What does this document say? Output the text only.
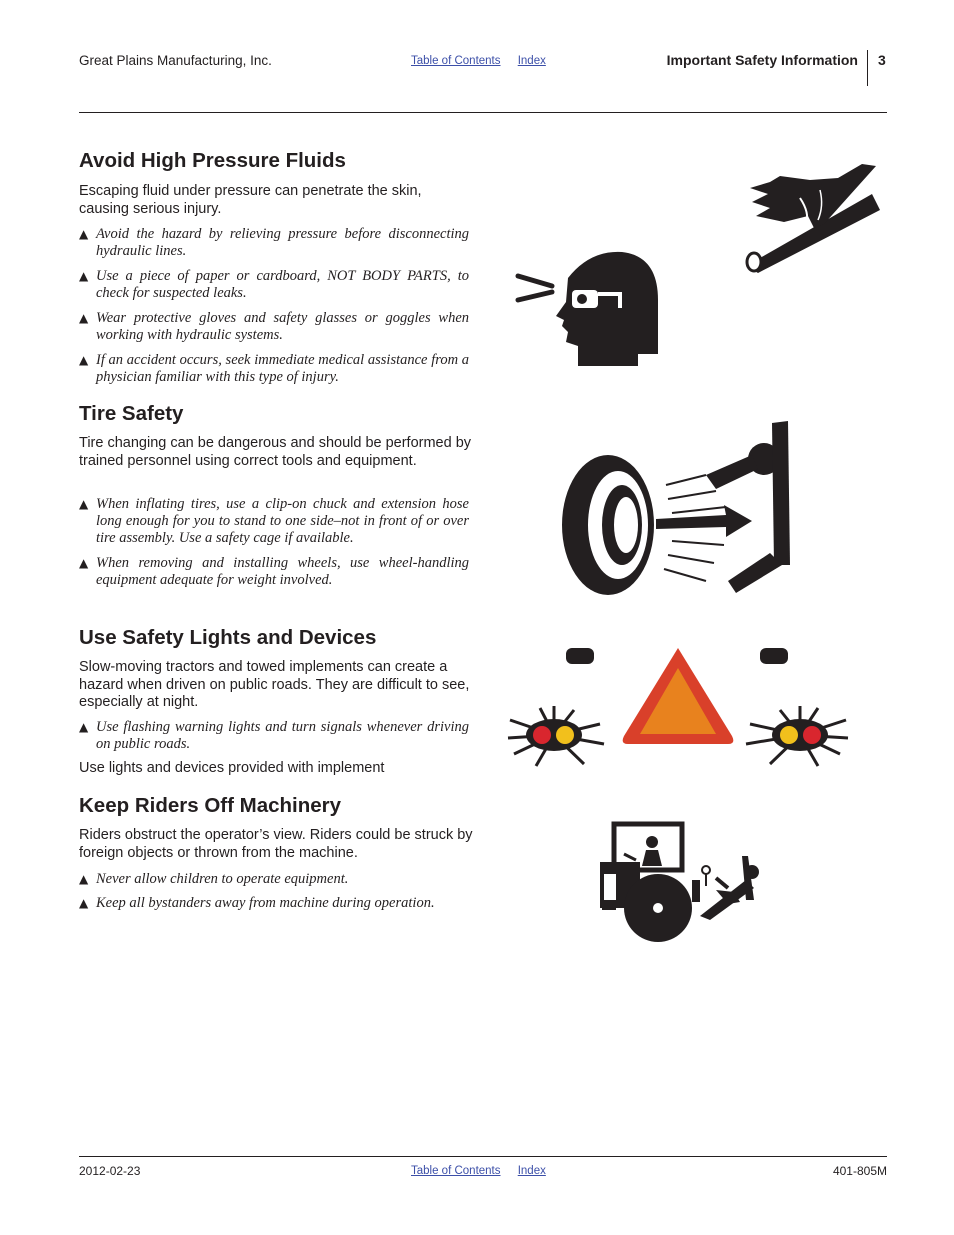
Great Plains Manufacturing, Inc.	Table of Contents Index	Important Safety Information 3
Avoid High Pressure Fluids

Escaping fluid under pressure can penetrate the skin, causing serious injury.

▲ Avoid the hazard by relieving pressure before disconnecting hydraulic lines.
▲ Use a piece of paper or cardboard, NOT BODY PARTS, to check for suspected leaks.
▲ Wear protective gloves and safety glasses or goggles when working with hydraulic systems.
▲ If an accident occurs, seek immediate medical assistance from a physician familiar with this type of injury.
Tire Safety

Tire changing can be dangerous and should be performed by trained personnel using correct tools and equipment.

▲ When inflating tires, use a clip-on chuck and extension hose long enough for you to stand to one side–not in front of or over tire assembly. Use a safety cage if available.
▲ When removing and installing wheels, use wheel-handling equipment adequate for weight involved.
Use Safety Lights and Devices

Slow-moving tractors and towed implements can create a hazard when driven on public roads. They are difficult to see, especially at night.

▲ Use flashing warning lights and turn signals whenever driving on public roads.

Use lights and devices provided with implement

Keep Riders Off Machinery

Riders obstruct the operator’s view. Riders could be struck by foreign objects or thrown from the machine.

▲ Never allow children to operate equipment.
▲ Keep all bystanders away from machine during operation.
2012-02-23	Table of Contents Index	401-805M
